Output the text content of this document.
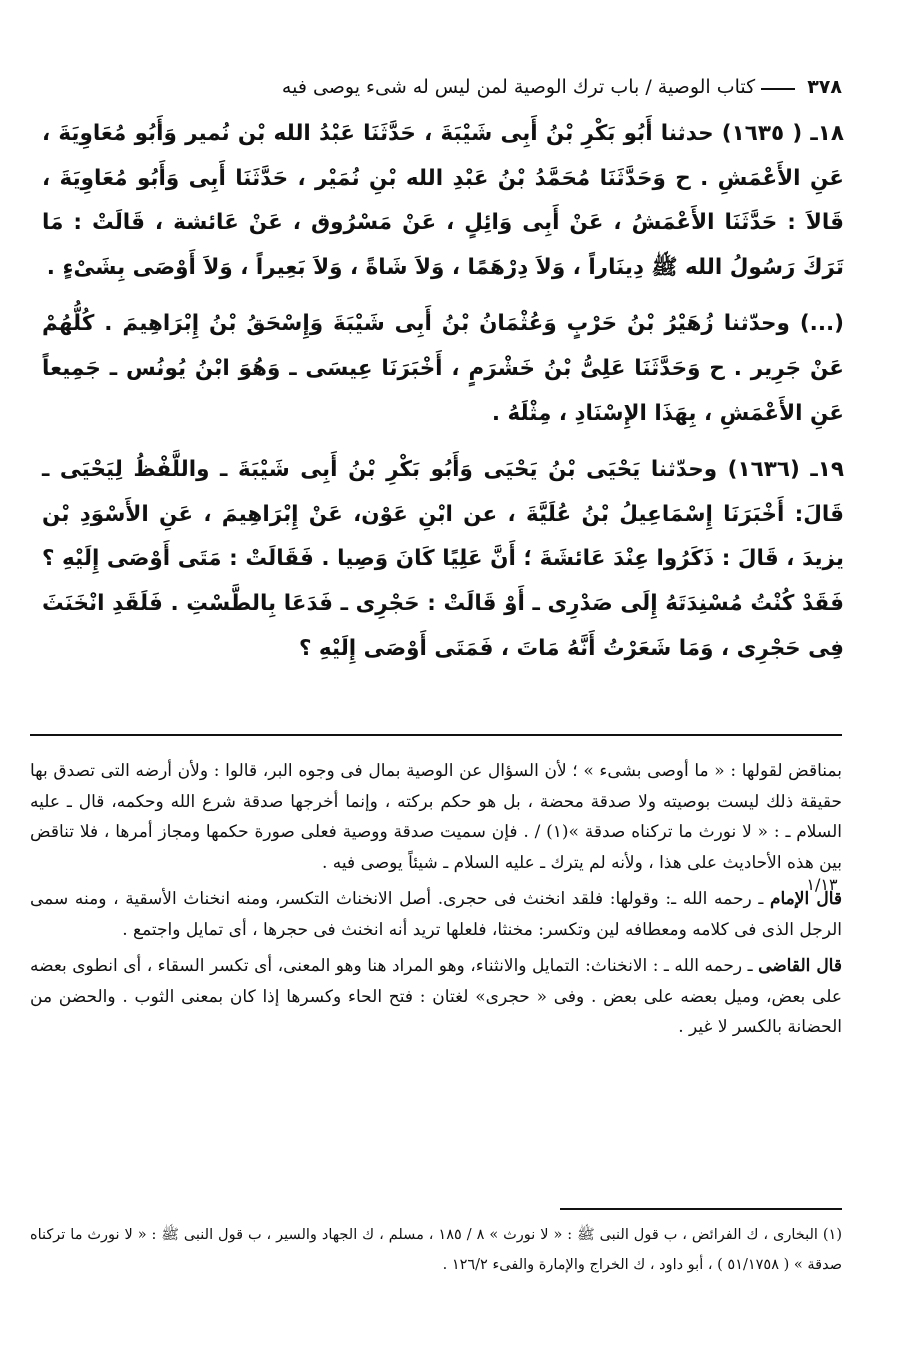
٣٧٨
كتاب الوصية / باب ترك الوصية لمن ليس له شىء يوصى فيه

١٨ـ ( ١٦٣٥) حدثنا أَبُو بَكْرِ بْنُ أَبِى شَيْبَةَ ، حَدَّثَنَا عَبْدُ الله بْن نُمير وَأَبُو مُعَاوِيَةَ ، عَنِ الأَعْمَشِ . ح وَحَدَّثَنَا مُحَمَّدُ بْنُ عَبْدِ الله بْنِ نُمَيْر ، حَدَّثَنَا أَبِى وَأَبُو مُعَاوِيَةَ ، قَالاَ : حَدَّثَنَا الأَعْمَشُ ، عَنْ أَبِى وَائِلٍ ، عَنْ مَسْرُوق ، عَنْ عَائشة ، قَالَتْ : مَا تَرَكَ رَسُولُ الله ﷺ دِينَاراً ، وَلاَ دِرْهَمًا ، وَلاَ شَاةً ، وَلاَ بَعِيراً ، وَلاَ أَوْصَى بِشَىْءٍ .

(...) وحدّثنا زُهَيْرُ بْنُ حَرْبٍ وَعُثْمَانُ بْنُ أَبِى شَيْبَةَ وَإِسْحَقُ بْنُ إِبْرَاهِيمَ . كُلُّهُمْ عَنْ جَرِير . ح وَحَدَّثَنَا عَلِىُّ بْنُ خَشْرَمٍ ، أَخْبَرَنَا عِيسَى ـ وَهُوَ ابْنُ يُونُس ـ جَمِيعاً عَنِ الأَعْمَشِ ، بِهَذَا الإِسْنَادِ ، مِثْلَهُ .

١٩ـ (١٦٣٦) وحدّثنا يَحْيَى بْنُ يَحْيَى وَأَبُو بَكْرِ بْنُ أَبِى شَيْبَةَ ـ واللَّفْظُ لِيَحْيَى ـ قَالَ: أَخْبَرَنَا إِسْمَاعِيلُ بْنُ عُلَيَّةَ ، عن ابْنِ عَوْن، عَنْ إِبْرَاهِيمَ ، عَنِ الأَسْوَدِ بْن يزيدَ ، قَالَ : ذَكَرُوا عِنْدَ عَائشَةَ ؛ أَنَّ عَلِيًا كَانَ وَصِيا . فَقَالَتْ : مَتَى أَوْصَى إِلَيْهِ ؟ فَقَدْ كُنْتُ مُسْنِدَتَهُ إِلَى صَدْرِى ـ أَوْ قَالَتْ : حَجْرِى ـ فَدَعَا بِالطَّسْتِ . فَلَقَدِ انْخَنَثَ فِى حَجْرِى ، وَمَا شَعَرْتُ أَنَّهُ مَاتَ ، فَمَتَى أَوْصَى إِلَيْهِ ؟

١/١٣

بمناقض لقولها : « ما أوصى بشىء » ؛ لأن السؤال عن الوصية بمال فى وجوه البر، قالوا : ولأن أرضه التى تصدق بها حقيقة ذلك ليست بوصيته ولا صدقة محضة ، بل هو حكم بركته ، وإنما أخرجها صدقة شرع الله وحكمه، قال ـ عليه السلام ـ : « لا نورث ما تركناه صدقة »(١) / . فإن سميت صدقة ووصية فعلى صورة حكمها ومجاز أمرها ، فلا تناقض بين هذه الأحاديث على هذا ، ولأنه لم يترك ـ عليه السلام ـ شيئاً يوصى فيه .

قال الإمام ـ رحمه الله ـ: وقولها: فلقد انخنث فى حجرى. أصل الانخناث التكسر، ومنه انخناث الأسقية ، ومنه سمى الرجل الذى فى كلامه ومعطافه لين وتكسر: مخنثا، فلعلها تريد أنه انخنث فى حجرها ، أى تمايل واجتمع .

قال القاضى ـ رحمه الله ـ : الانخناث: التمايل والانثناء، وهو المراد هنا وهو المعنى، أى تكسر السقاء ، أى انطوى بعضه على بعض، وميل بعضه على بعض . وفى « حجرى» لغتان : فتح الحاء وكسرها إذا كان بمعنى الثوب . والحضن من الحضانة بالكسر لا غير .

(١) البخارى ، ك الفرائض ، ب قول النبى ﷺ : « لا نورث » ٨ / ١٨٥ ، مسلم ، ك الجهاد والسير ، ب قول النبى ﷺ : « لا نورث ما تركناه صدقة » ( ٥١/١٧٥٨ ) ، أبو داود ، ك الخراج والإمارة والفىء ١٢٦/٢ .
